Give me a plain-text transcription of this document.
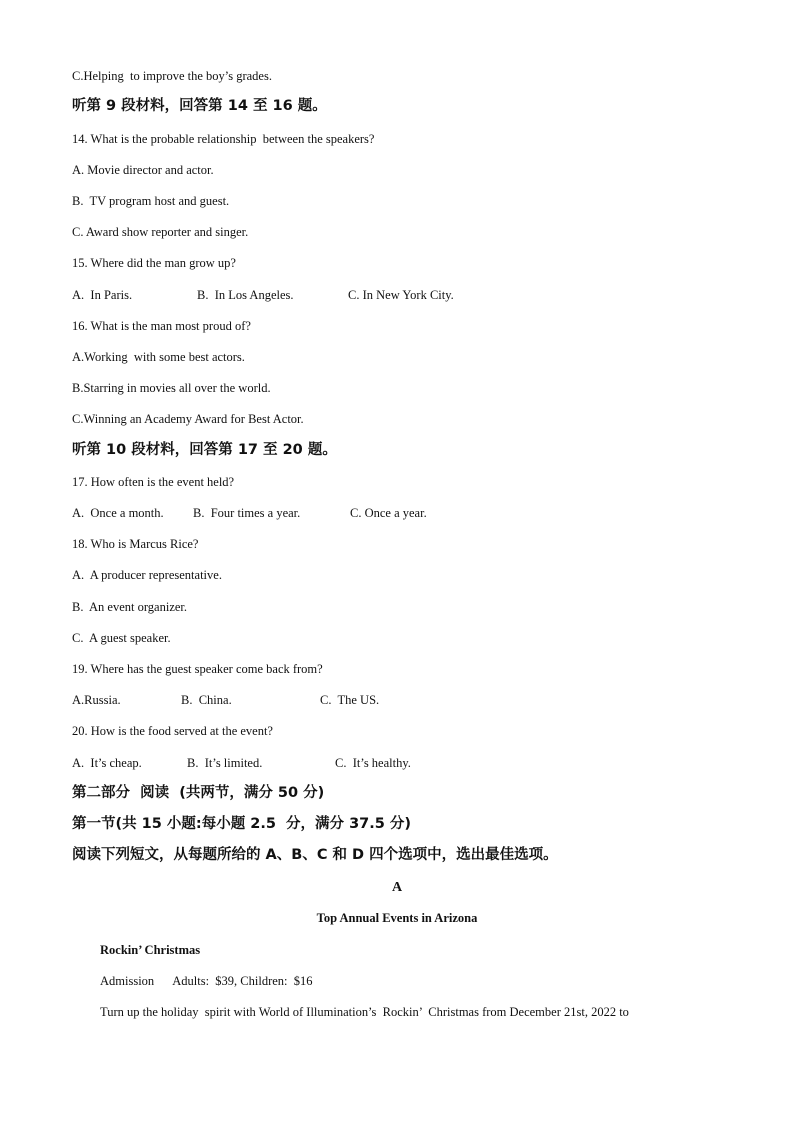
C.Helping  to improve the boy’s grades.
听第 9 段材料，回答第 14 至 16 题。
14. What is the probable relationship  between the speakers?
A. Movie director and actor.
B.  TV program host and guest.
C. Award show reporter and singer.
15. Where did the man grow up?
A.  In Paris.	B.  In Los Angeles.	C. In New York City.
16. What is the man most proud of?
A.Working  with some best actors.
B.Starring in movies all over the world.
C.Winning an Academy Award for Best Actor.
听第 10 段材料，回答第 17 至 20 题。
17. How often is the event held?
A.  Once a month. B.  Four times a year.	C. Once a year.
18. Who is Marcus Rice?
A.  A producer representative.
B.  An event organizer.
C.  A guest speaker.
19. Where has the guest speaker come back from?
A.Russia.	B.  China.	C.  The US.
20. How is the food served at the event?
A.  It’s cheap.	B.  It’s limited.	C.  It’s healthy.
第二部分  阅读  (共两节，满分 50 分)
第一节(共 15 小题:每小题 2.5  分，满分 37.5 分)
阅读下列短文，从每题所给的 A、B、C 和 D 四个选项中，选出最佳选项。
A
Top Annual Events in Arizona
Rockin’ Christmas
Admission      Adults:  $39, Children:  $16
Turn up the holiday  spirit with World of Illumination’s  Rockin’  Christmas from December 21st, 2022 to
